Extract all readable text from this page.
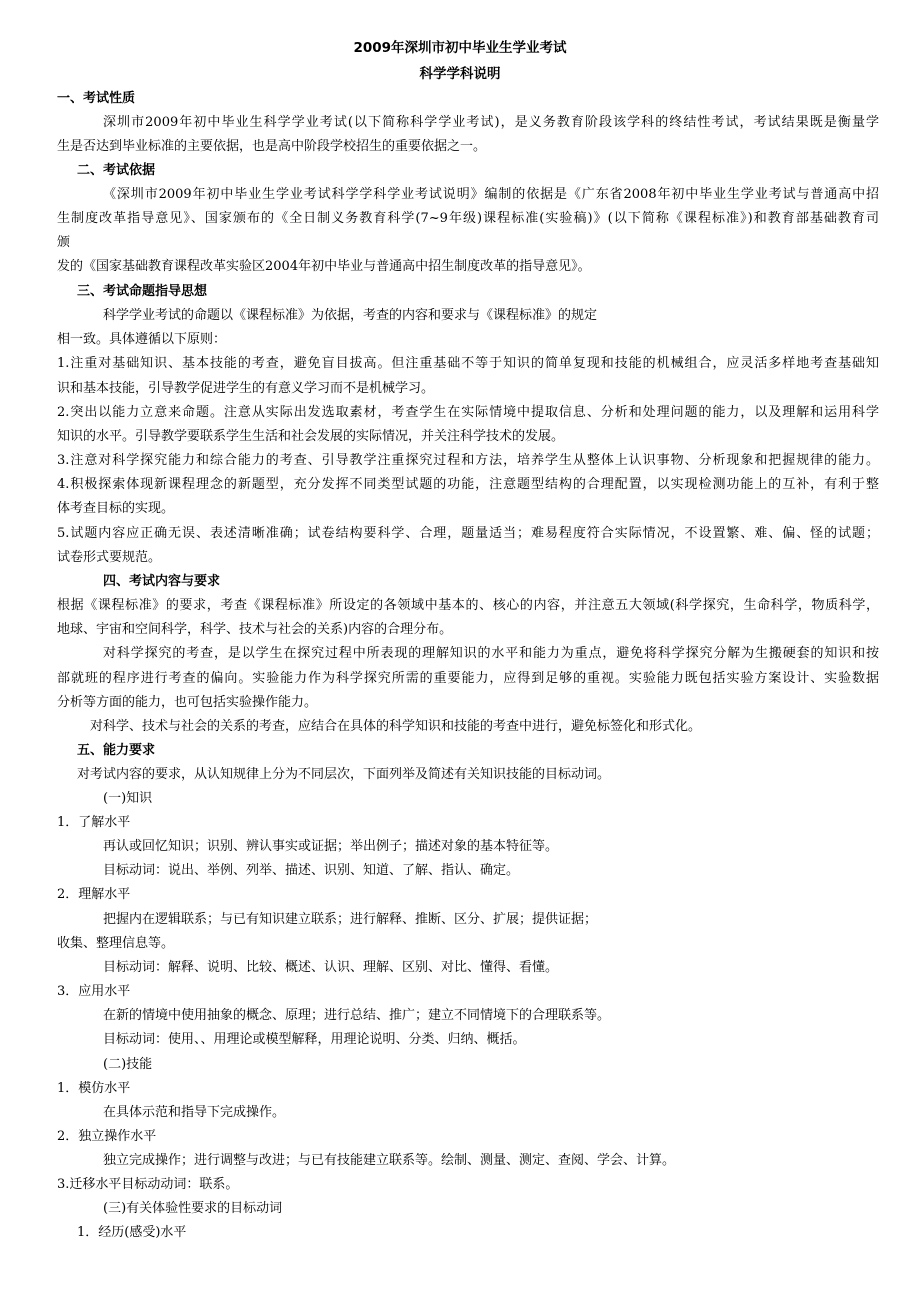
2009年深圳市初中毕业生学业考试
科学学科说明
一、考试性质
深圳市2009年初中毕业生科学学业考试(以下简称科学学业考试)，是义务教育阶段该学科的终结性考试，考试结果既是衡量学
生是否达到毕业标准的主要依据，也是高中阶段学校招生的重要依据之一。
二、考试依据
《深圳市2009年初中毕业生学业考试科学学科学业考试说明》编制的依据是《广东省2008年初中毕业生学业考试与普通高中招
生制度改革指导意见》、国家颁布的《全日制义务教育科学(7~9年级)课程标准(实验稿)》(以下简称《课程标准》)和教育部基础教育司
颁
发的《国家基础教育课程改革实验区2004年初中毕业与普通高中招生制度改革的指导意见》。
三、考试命题指导思想
科学学业考试的命题以《课程标准》为依据，考查的内容和要求与《课程标准》的规定
相一致。具体遵循以下原则：
1.注重对基础知识、基本技能的考查，避免盲目拔高。但注重基础不等于知识的简单复现和技能的机械组合，应灵活多样地考查基础知
识和基本技能，引导教学促进学生的有意义学习而不是机械学习。
2.突出以能力立意来命题。注意从实际出发选取素材，考查学生在实际情境中提取信息、分析和处理问题的能力，以及理解和运用科学
知识的水平。引导教学要联系学生生活和社会发展的实际情况，并关注科学技术的发展。
3.注意对科学探究能力和综合能力的考查、引导教学注重探究过程和方法，培养学生从整体上认识事物、分析现象和把握规律的能力。
4.积极探索体现新课程理念的新题型，充分发挥不同类型试题的功能，注意题型结构的合理配置，以实现检测功能上的互补，有利于整
体考查目标的实现。
5.试题内容应正确无误、表述清晰准确；试卷结构要科学、合理，题量适当；难易程度符合实际情况，不设置繁、难、偏、怪的试题；
试卷形式要规范。
四、考试内容与要求
根据《课程标准》的要求，考查《课程标准》所设定的各领域中基本的、核心的内容，并注意五大领域(科学探究，生命科学，物质科学，
地球、宇宙和空间科学，科学、技术与社会的关系)内容的合理分布。
对科学探究的考查，是以学生在探究过程中所表现的理解知识的水平和能力为重点，避免将科学探究分解为生搬硬套的知识和按
部就班的程序进行考查的偏向。实验能力作为科学探究所需的重要能力，应得到足够的重视。实验能力既包括实验方案设计、实验数据
分析等方面的能力，也可包括实验操作能力。
对科学、技术与社会的关系的考查，应结合在具体的科学知识和技能的考查中进行，避免标签化和形式化。
五、能力要求
对考试内容的要求，从认知规律上分为不同层次，下面列举及简述有关知识技能的目标动词。
(一)知识
1．了解水平
再认或回忆知识；识别、辨认事实或证据；举出例子；描述对象的基本特征等。
目标动词：说出、举例、列举、描述、识别、知道、了解、指认、确定。
2．理解水平
把握内在逻辑联系；与已有知识建立联系；进行解释、推断、区分、扩展；提供证据；
收集、整理信息等。
目标动词：解释、说明、比较、概述、认识、理解、区别、对比、懂得、看懂。
3．应用水平
在新的情境中使用抽象的概念、原理；进行总结、推广；建立不同情境下的合理联系等。
目标动词：使用、、用理论或模型解释，用理论说明、分类、归纳、概括。
(二)技能
1．模仿水平
在具体示范和指导下完成操作。
2．独立操作水平
独立完成操作；进行调整与改进；与已有技能建立联系等。绘制、测量、测定、查阅、学会、计算。
3.迁移水平目标动动词：联系。
(三)有关体验性要求的目标动词
1．经历(感受)水平
